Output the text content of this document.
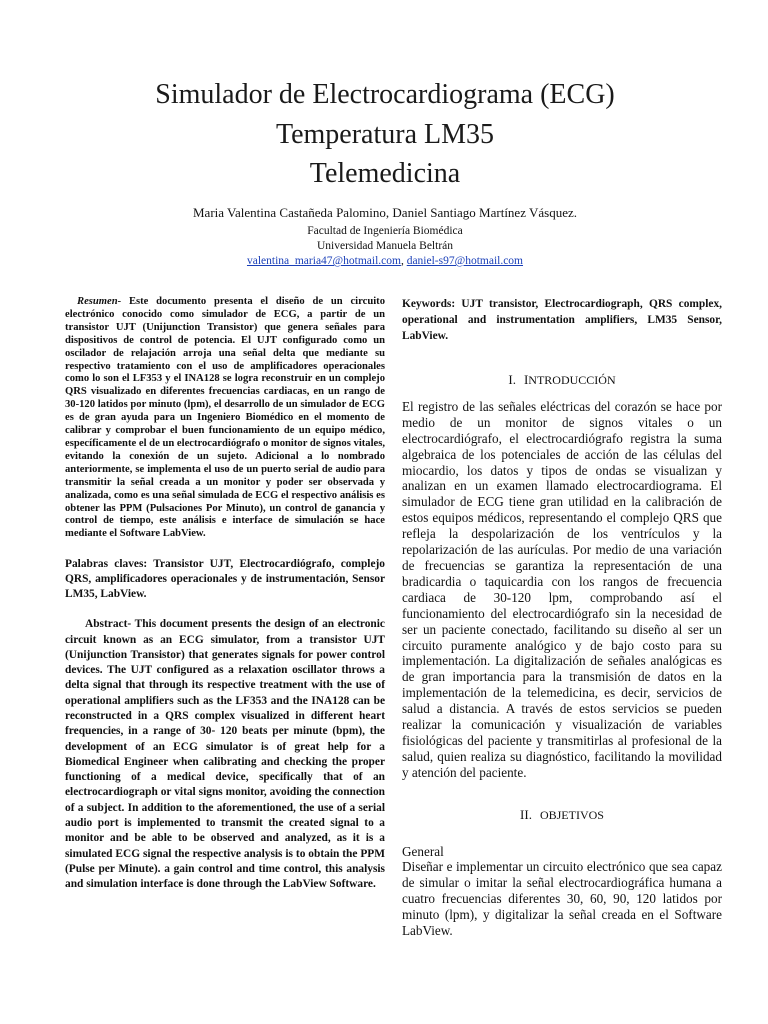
Simulador de Electrocardiograma (ECG)
Temperatura LM35
Telemedicina
Maria Valentina Castañeda Palomino, Daniel Santiago Martínez Vásquez.
Facultad de Ingeniería Biomédica
Universidad Manuela Beltrán
valentina_maria47@hotmail.com, daniel-s97@hotmail.com

Resumen- Este documento presenta el diseño de un circuito electrónico conocido como simulador de ECG, a partir de un transistor UJT (Unijunction Transistor) que genera señales para dispositivos de control de potencia. El UJT configurado como un oscilador de relajación arroja una señal delta que mediante su respectivo tratamiento con el uso de amplificadores operacionales como lo son el LF353 y el INA128 se logra reconstruir en un complejo QRS visualizado en diferentes frecuencias cardiacas, en un rango de 30-120 latidos por minuto (lpm), el desarrollo de un simulador de ECG es de gran ayuda para un Ingeniero Biomédico en el momento de calibrar y comprobar el buen funcionamiento de un equipo médico, específicamente el de un electrocardiógrafo o monitor de signos vitales, evitando la conexión de un sujeto. Adicional a lo nombrado anteriormente, se implementa el uso de un puerto serial de audio para transmitir la señal creada a un monitor y poder ser observada y analizada, como es una señal simulada de ECG el respectivo análisis es obtener las PPM (Pulsaciones Por Minuto), un control de ganancia y control de tiempo, este análisis e interface de simulación se hace mediante el Software LabView.

Palabras claves: Transistor UJT, Electrocardiógrafo, complejo QRS, amplificadores operacionales y de instrumentación, Sensor LM35, LabView.

Abstract- This document presents the design of an electronic circuit known as an ECG simulator, from a transistor UJT (Unijunction Transistor) that generates signals for power control devices. The UJT configured as a relaxation oscillator throws a delta signal that through its respective treatment with the use of operational amplifiers such as the LF353 and the INA128 can be reconstructed in a QRS complex visualized in different heart frequencies, in a range of 30- 120 beats per minute (bpm), the development of an ECG simulator is of great help for a Biomedical Engineer when calibrating and checking the proper functioning of a medical device, specifically that of an electrocardiograph or vital signs monitor, avoiding the connection of a subject. In addition to the aforementioned, the use of a serial audio port is implemented to transmit the created signal to a monitor and be able to be observed and analyzed, as it is a simulated ECG signal the respective analysis is to obtain the PPM (Pulse per Minute). a gain control and time control, this analysis and simulation interface is done through the LabView Software.

Keywords: UJT transistor, Electrocardiograph, QRS complex, operational and instrumentation amplifiers, LM35 Sensor, LabView.

I. INTRODUCCIÓN

El registro de las señales eléctricas del corazón se hace por medio de un monitor de signos vitales o un electrocardiógrafo, el electrocardiógrafo registra la suma algebraica de los potenciales de acción de las células del miocardio, los datos y tipos de ondas se visualizan y analizan en un examen llamado electrocardiograma. El simulador de ECG tiene gran utilidad en la calibración de estos equipos médicos, representando el complejo QRS que refleja la despolarización de los ventrículos y la repolarización de las aurículas. Por medio de una variación de frecuencias se garantiza la representación de una bradicardia o taquicardia con los rangos de frecuencia cardiaca de 30-120 lpm, comprobando así el funcionamiento del electrocardiógrafo sin la necesidad de ser un paciente conectado, facilitando su diseño al ser un circuito puramente analógico y de bajo costo para su implementación. La digitalización de señales analógicas es de gran importancia para la transmisión de datos en la implementación de la telemedicina, es decir, servicios de salud a distancia. A través de estos servicios se pueden realizar la comunicación y visualización de variables fisiológicas del paciente y transmitirlas al profesional de la salud, quien realiza su diagnóstico, facilitando la movilidad y atención del paciente.

II. OBJETIVOS

General

Diseñar e implementar un circuito electrónico que sea capaz de simular o imitar la señal electrocardiográfica humana a cuatro frecuencias diferentes 30, 60, 90, 120 latidos por minuto (lpm), y digitalizar la señal creada en el Software LabView.
